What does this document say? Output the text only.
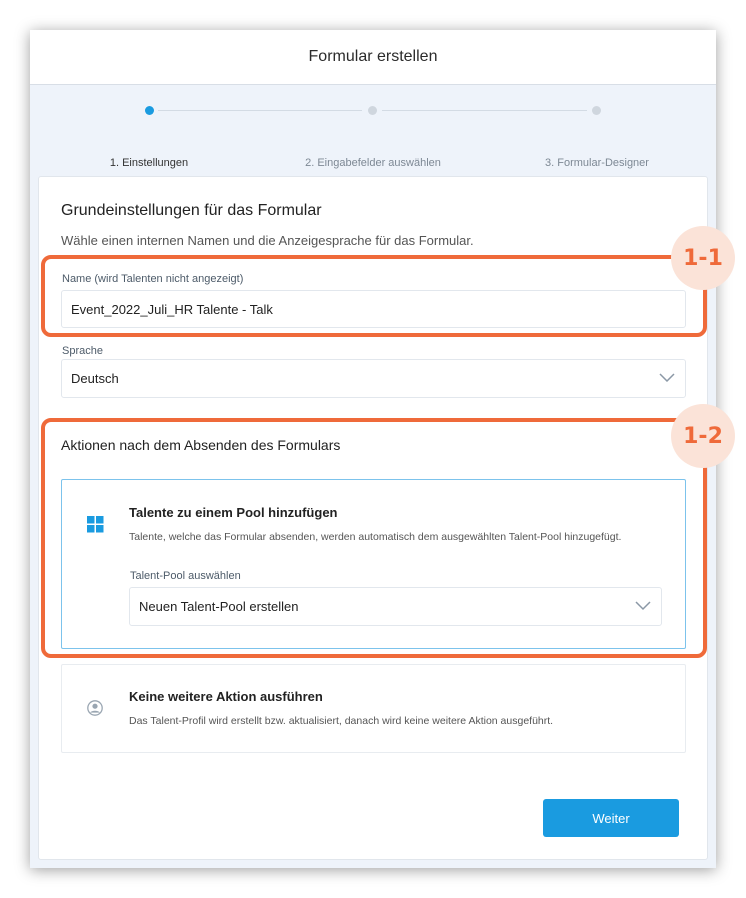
Formular erstellen
1. Einstellungen	2. Eingabefelder auswählen	3. Formular-Designer
Grundeinstellungen für das Formular
Wähle einen internen Namen und die Anzeigesprache für das Formular.
Name (wird Talenten nicht angezeigt)
Event_2022_Juli_HR Talente - Talk
Sprache
Deutsch
Aktionen nach dem Absenden des Formulars
Talente zu einem Pool hinzufügen
Talente, welche das Formular absenden, werden automatisch dem ausgewählten Talent-Pool hinzugefügt.
Talent-Pool auswählen
Neuen Talent-Pool erstellen
Keine weitere Aktion ausführen
Das Talent-Profil wird erstellt bzw. aktualisiert, danach wird keine weitere Aktion ausgeführt.
Weiter
1-1
1-2
